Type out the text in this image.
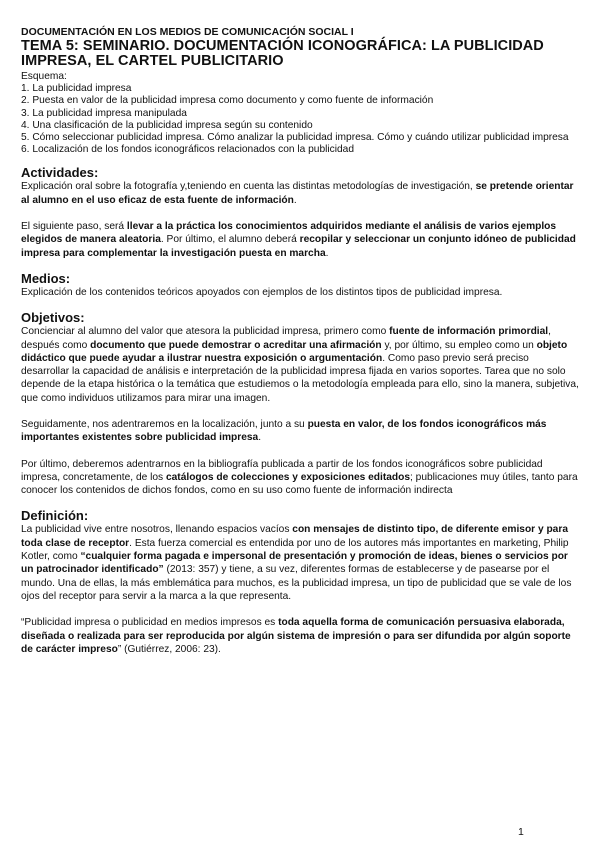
DOCUMENTACIÓN EN LOS MEDIOS DE COMUNICACIÓN SOCIAL I
TEMA 5: SEMINARIO. DOCUMENTACIÓN ICONOGRÁFICA: LA PUBLICIDAD IMPRESA, EL CARTEL PUBLICITARIO
Esquema:
1. La publicidad impresa
2. Puesta en valor de la publicidad impresa como documento y como fuente de información
3. La publicidad impresa manipulada
4. Una clasificación de la publicidad impresa según su contenido
5. Cómo seleccionar publicidad impresa. Cómo analizar la publicidad impresa. Cómo y cuándo utilizar publicidad impresa
6. Localización de los fondos iconográficos relacionados con la publicidad
Actividades:

Explicación oral sobre la fotografía y,teniendo en cuenta las distintas metodologías de investigación, se pretende orientar al alumno en el uso eficaz de esta fuente de información.

El siguiente paso, será llevar a la práctica los conocimientos adquiridos mediante el análisis de varios ejemplos elegidos de manera aleatoria. Por último, el alumno deberá recopilar y seleccionar un conjunto idóneo de publicidad impresa para complementar la investigación puesta en marcha.

Medios:

Explicación de los contenidos teóricos apoyados con ejemplos de los distintos tipos de publicidad impresa.

Objetivos:

Concienciar al alumno del valor que atesora la publicidad impresa, primero como fuente de información primordial, después como documento que puede demostrar o acreditar una afirmación y, por último, su empleo como un objeto didáctico que puede ayudar a ilustrar nuestra exposición o argumentación. Como paso previo será preciso desarrollar la capacidad de análisis e interpretación de la publicidad impresa fijada en varios soportes. Tarea que no solo depende de la etapa histórica o la temática que estudiemos o la metodología empleada para ello, sino la manera, subjetiva, que como individuos utilizamos para mirar una imagen.

Seguidamente, nos adentraremos en la localización, junto a su puesta en valor, de los fondos iconográficos más importantes existentes sobre publicidad impresa.

Por último, deberemos adentrarnos en la bibliografía publicada a partir de los fondos iconográficos sobre publicidad impresa, concretamente, de los catálogos de colecciones y exposiciones editados; publicaciones muy útiles, tanto para conocer los contenidos de dichos fondos, como en su uso como fuente de información indirecta

Definición:

La publicidad vive entre nosotros, llenando espacios vacíos con mensajes de distinto tipo, de diferente emisor y para toda clase de receptor. Esta fuerza comercial es entendida por uno de los autores más importantes en marketing, Philip Kotler, como “cualquier forma pagada e impersonal de presentación y promoción de ideas, bienes o servicios por un patrocinador identificado” (2013: 357) y tiene, a su vez, diferentes formas de establecerse y de pasearse por el mundo. Una de ellas, la más emblemática para muchos, es la publicidad impresa, un tipo de publicidad que se vale de los ojos del receptor para servir a la marca a la que representa.

“Publicidad impresa o publicidad en medios impresos es toda aquella forma de comunicación persuasiva elaborada, diseñada o realizada para ser reproducida por algún sistema de impresión o para ser difundida por algún soporte de carácter impreso” (Gutiérrez, 2006: 23).

1
